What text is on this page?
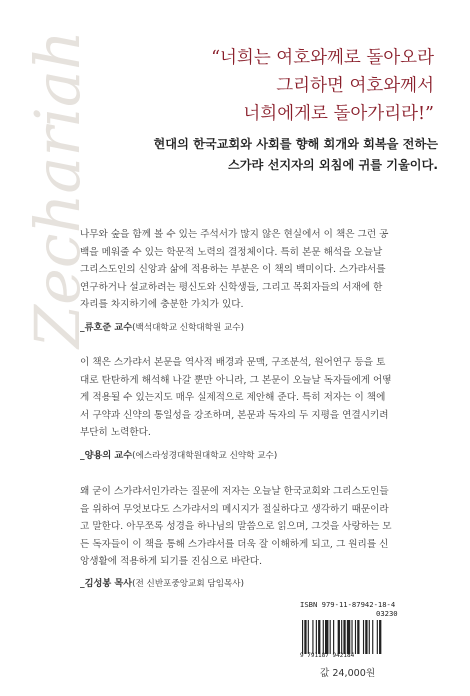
Zechariah	“너희는 여호와께로 돌아오라
그리하면 여호와께서
너희에게로 돌아가리라!”
현대의 한국교회와 사회를 향해 회개와 회복을 전하는
스가랴 선지자의 외침에 귀를 기울이다.
나무와 숲을 함께 볼 수 있는 주석서가 많지 않은 현실에서 이 책은 그런 공
백을 메워줄 수 있는 학문적 노력의 결정체이다. 특히 본문 해석을 오늘날
그리스도인의 신앙과 삶에 적용하는 부분은 이 책의 백미이다. 스가랴서를
연구하거나 설교하려는 평신도와 신학생들, 그리고 목회자들의 서재에 한
자리를 차지하기에 충분한 가치가 있다.
_류호준 교수(백석대학교 신학대학원 교수)
이 책은 스가랴서 본문을 역사적 배경과 문맥, 구조분석, 원어연구 등을 토
대로 탄탄하게 해석해 나갈 뿐만 아니라, 그 본문이 오늘날 독자들에게 어떻
게 적용될 수 있는지도 매우 실제적으로 제안해 준다. 특히 저자는 이 책에
서 구약과 신약의 통일성을 강조하며, 본문과 독자의 두 지평을 연결시키려
부단히 노력한다.
_양용의 교수(에스라성경대학원대학교 신약학 교수)
왜 굳이 스가랴서인가라는 질문에 저자는 오늘날 한국교회와 그리스도인들
을 위하여 무엇보다도 스가랴서의 메시지가 절실하다고 생각하기 때문이라
고 말한다. 아무쪼록 성경을 하나님의 말씀으로 읽으며, 그것을 사랑하는 모
든 독자들이 이 책을 통해 스가랴서를 더욱 잘 이해하게 되고, 그 원리를 신
앙생활에 적용하게 되기를 진심으로 바란다.
_김성봉 목사(전 신반포중앙교회 담임목사)
ISBN 979-11-87942-18-4
03230
9 791187 942184
값 24,000원
